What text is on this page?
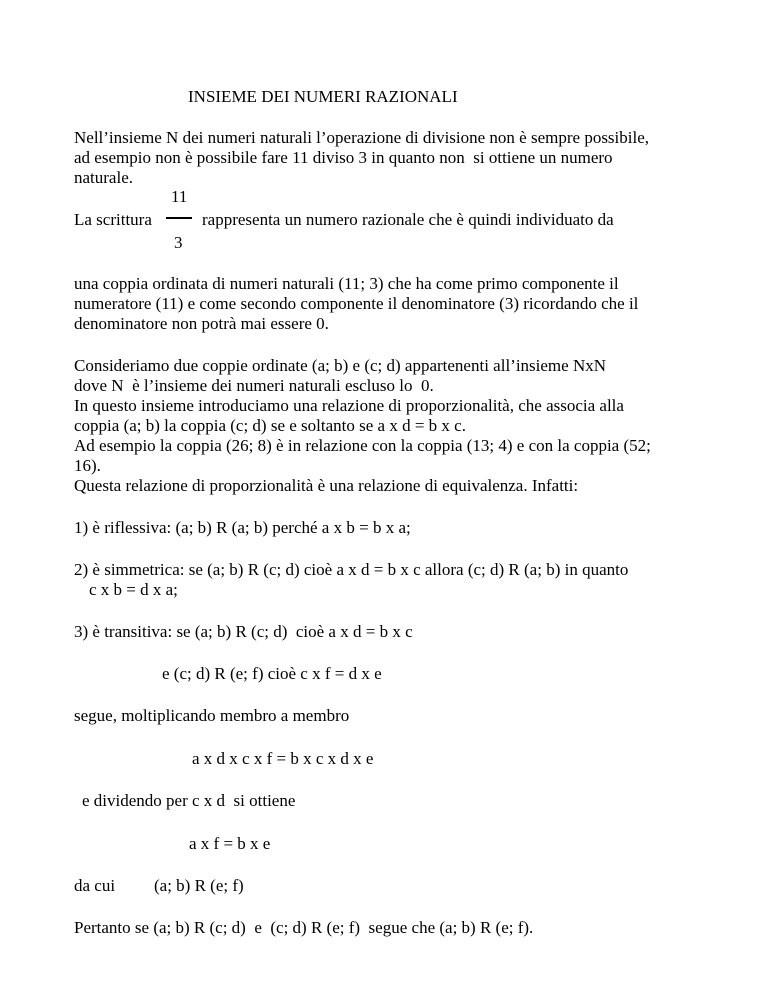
INSIEME DEI NUMERI RAZIONALI
Nell’insieme N dei numeri naturali l’operazione di divisione non è sempre possibile,
ad esempio non è possibile fare 11 diviso 3 in quanto non  si ottiene un numero
naturale.
La scrittura
11
3
rappresenta un numero razionale che è quindi individuato da
una coppia ordinata di numeri naturali (11; 3) che ha come primo componente il
numeratore (11) e come secondo componente il denominatore (3) ricordando che il
denominatore non potrà mai essere 0.
Consideriamo due coppie ordinate (a; b) e (c; d) appartenenti all’insieme NxN
dove N  è l’insieme dei numeri naturali escluso lo  0.
In questo insieme introduciamo una relazione di proporzionalità, che associa alla
coppia (a; b) la coppia (c; d) se e soltanto se a x d = b x c.
Ad esempio la coppia (26; 8) è in relazione con la coppia (13; 4) e con la coppia (52;
16).
Questa relazione di proporzionalità è una relazione di equivalenza. Infatti:
1) è riflessiva: (a; b) R (a; b) perché a x b = b x a;
2) è simmetrica: se (a; b) R (c; d) cioè a x d = b x c allora (c; d) R (a; b) in quanto
c x b = d x a;
3) è transitiva: se (a; b) R (c; d)  cioè a x d = b x c
e (c; d) R (e; f) cioè c x f = d x e
segue, moltiplicando membro a membro
a x d x c x f = b x c x d x e
e dividendo per c x d  si ottiene
a x f = b x e
da cui (a; b) R (e; f)
Pertanto se (a; b) R (c; d)  e  (c; d) R (e; f)  segue che (a; b) R (e; f).
